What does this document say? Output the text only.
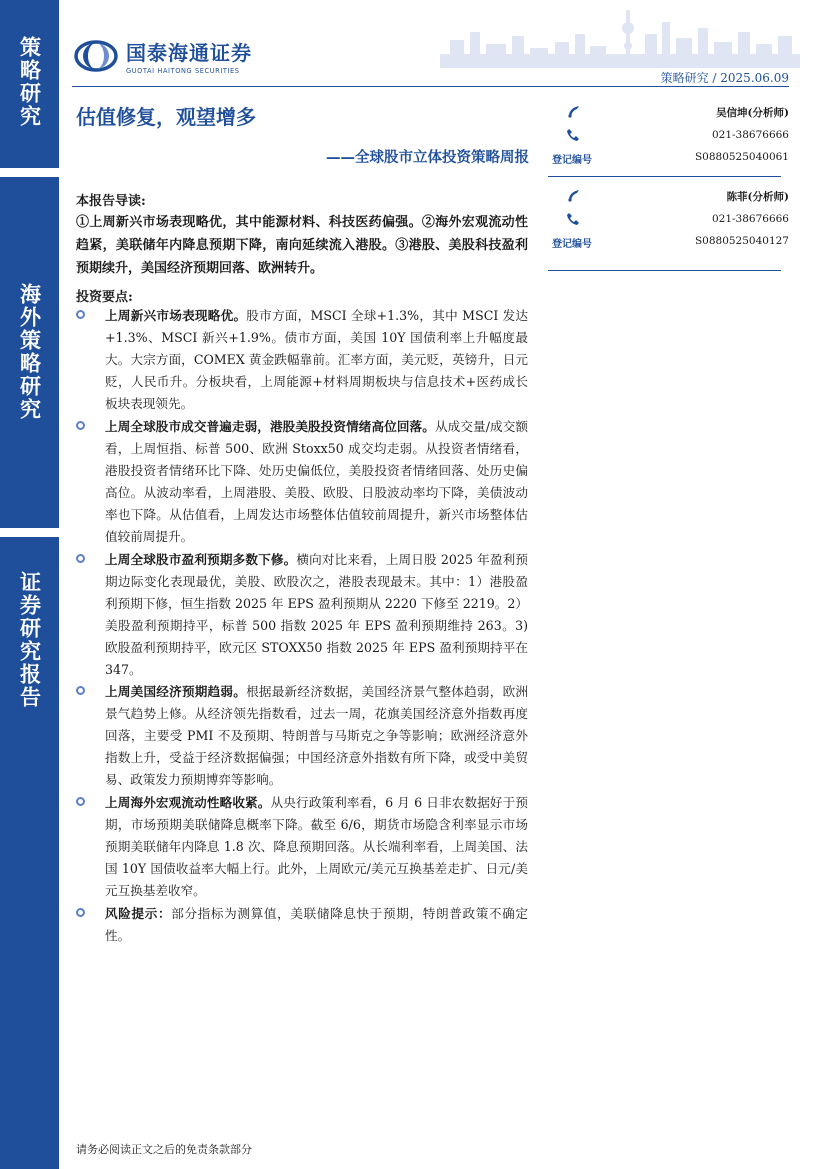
策略研究
海外策略研究
证券研究报告
国泰海通证券
GUOTAI HAITONG SECURITIES	策略研究 / 2025.06.09
估值修复，观望增多
——全球股市立体投资策略周报
吴信坤(分析师)
021-38676666
登记编号	S0880525040061
陈菲(分析师)
021-38676666
登记编号	S0880525040127
本报告导读:
①上周新兴市场表现略优，其中能源材料、科技医药偏强。②海外宏观流动性趋紧，美联储年内降息预期下降，南向延续流入港股。③港股、美股科技盈利预期续升，美国经济预期回落、欧洲转升。
投资要点:

上周新兴市场表现略优。股市方面，MSCI 全球+1.3%，其中 MSCI 发达+1.3%、MSCI 新兴+1.9%。债市方面，美国 10Y 国债利率上升幅度最大。大宗方面，COMEX 黄金跌幅靠前。汇率方面，美元贬，英镑升，日元贬，人民币升。分板块看，上周能源+材料周期板块与信息技术+医药成长板块表现领先。

上周全球股市成交普遍走弱，港股美股投资情绪高位回落。从成交量/成交额看，上周恒指、标普 500、欧洲 Stoxx50 成交均走弱。从投资者情绪看，港股投资者情绪环比下降、处历史偏低位，美股投资者情绪回落、处历史偏高位。从波动率看，上周港股、美股、欧股、日股波动率均下降，美债波动率也下降。从估值看，上周发达市场整体估值较前周提升，新兴市场整体估值较前周提升。

上周全球股市盈利预期多数下修。横向对比来看，上周日股 2025 年盈利预期边际变化表现最优，美股、欧股次之，港股表现最末。其中：1）港股盈利预期下修，恒生指数 2025 年 EPS 盈利预期从 2220 下修至 2219。2）美股盈利预期持平，标普 500 指数 2025 年 EPS 盈利预期维持 263。3)欧股盈利预期持平，欧元区 STOXX50 指数 2025 年 EPS 盈利预期持平在 347。

上周美国经济预期趋弱。根据最新经济数据，美国经济景气整体趋弱，欧洲景气趋势上修。从经济领先指数看，过去一周，花旗美国经济意外指数再度回落，主要受 PMI 不及预期、特朗普与马斯克之争等影响；欧洲经济意外指数上升，受益于经济数据偏强；中国经济意外指数有所下降，或受中美贸易、政策发力预期博弈等影响。

上周海外宏观流动性略收紧。从央行政策利率看，6 月 6 日非农数据好于预期，市场预期美联储降息概率下降。截至 6/6，期货市场隐含利率显示市场预期美联储年内降息 1.8 次、降息预期回落。从长端利率看，上周美国、法国 10Y 国债收益率大幅上行。此外，上周欧元/美元互换基差走扩、日元/美元互换基差收窄。

风险提示：部分指标为测算值，美联储降息快于预期，特朗普政策不确定性。

请务必阅读正文之后的免责条款部分
